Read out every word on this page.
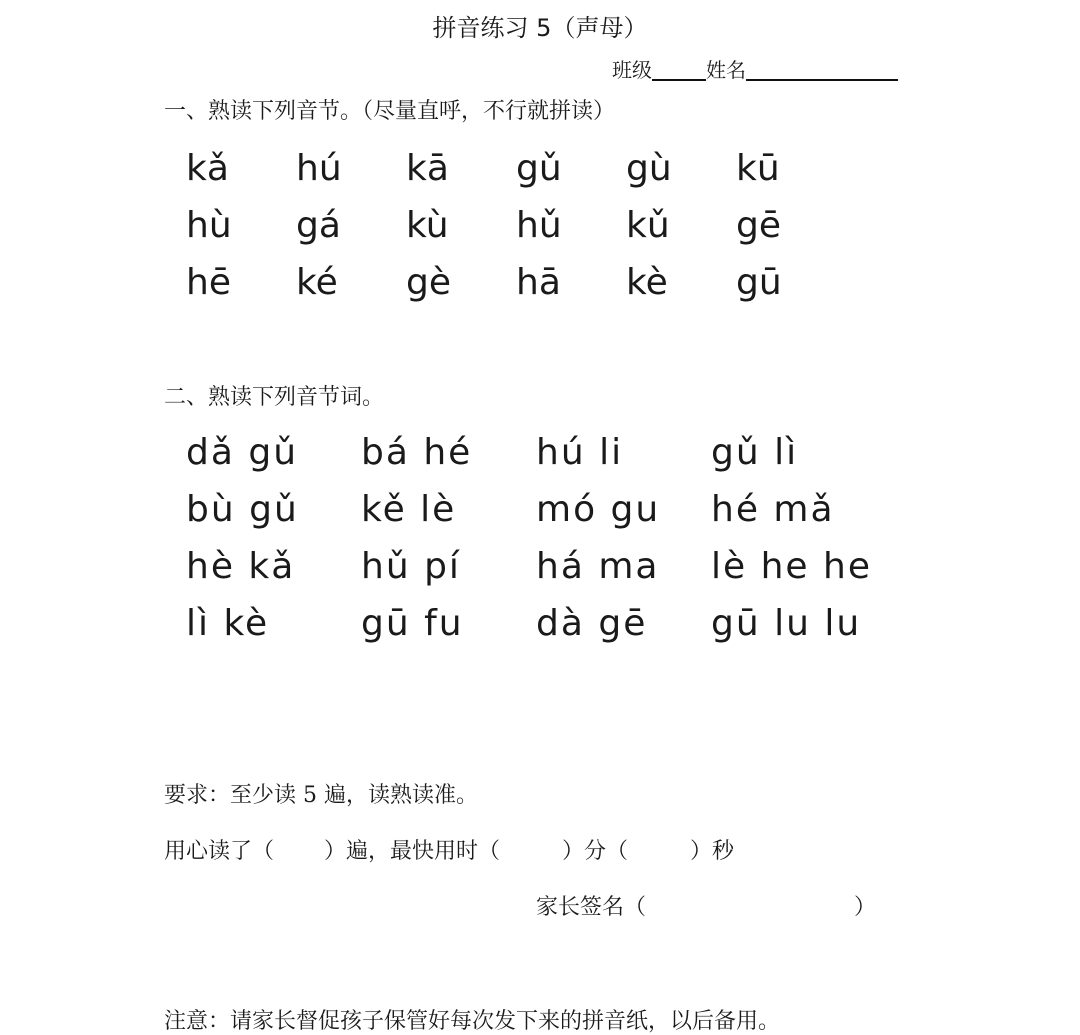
拼音练习 5（声母）
班级	姓名
一、熟读下列音节。（尽量直呼，不行就拼读）
kǎ	hú	kā	gǔ	gù	kū
hù	gá	kù	hǔ	kǔ	gē
hē	ké	gè	hā	kè	gū
二、熟读下列音节词。
dǎ gǔ	bá hé	hú li	gǔ lì
bù gǔ	kě lè	mó gu	hé mǎ
hè kǎ	hǔ pí	há ma	lè he he
lì kè	gū fu	dà gē	gū lu lu
要求：至少读 5 遍，读熟读准。
用心读了（ ）遍，最快用时（	）分（	）秒
家长签名（	）
注意：请家长督促孩子保管好每次发下来的拼音纸，以后备用。
